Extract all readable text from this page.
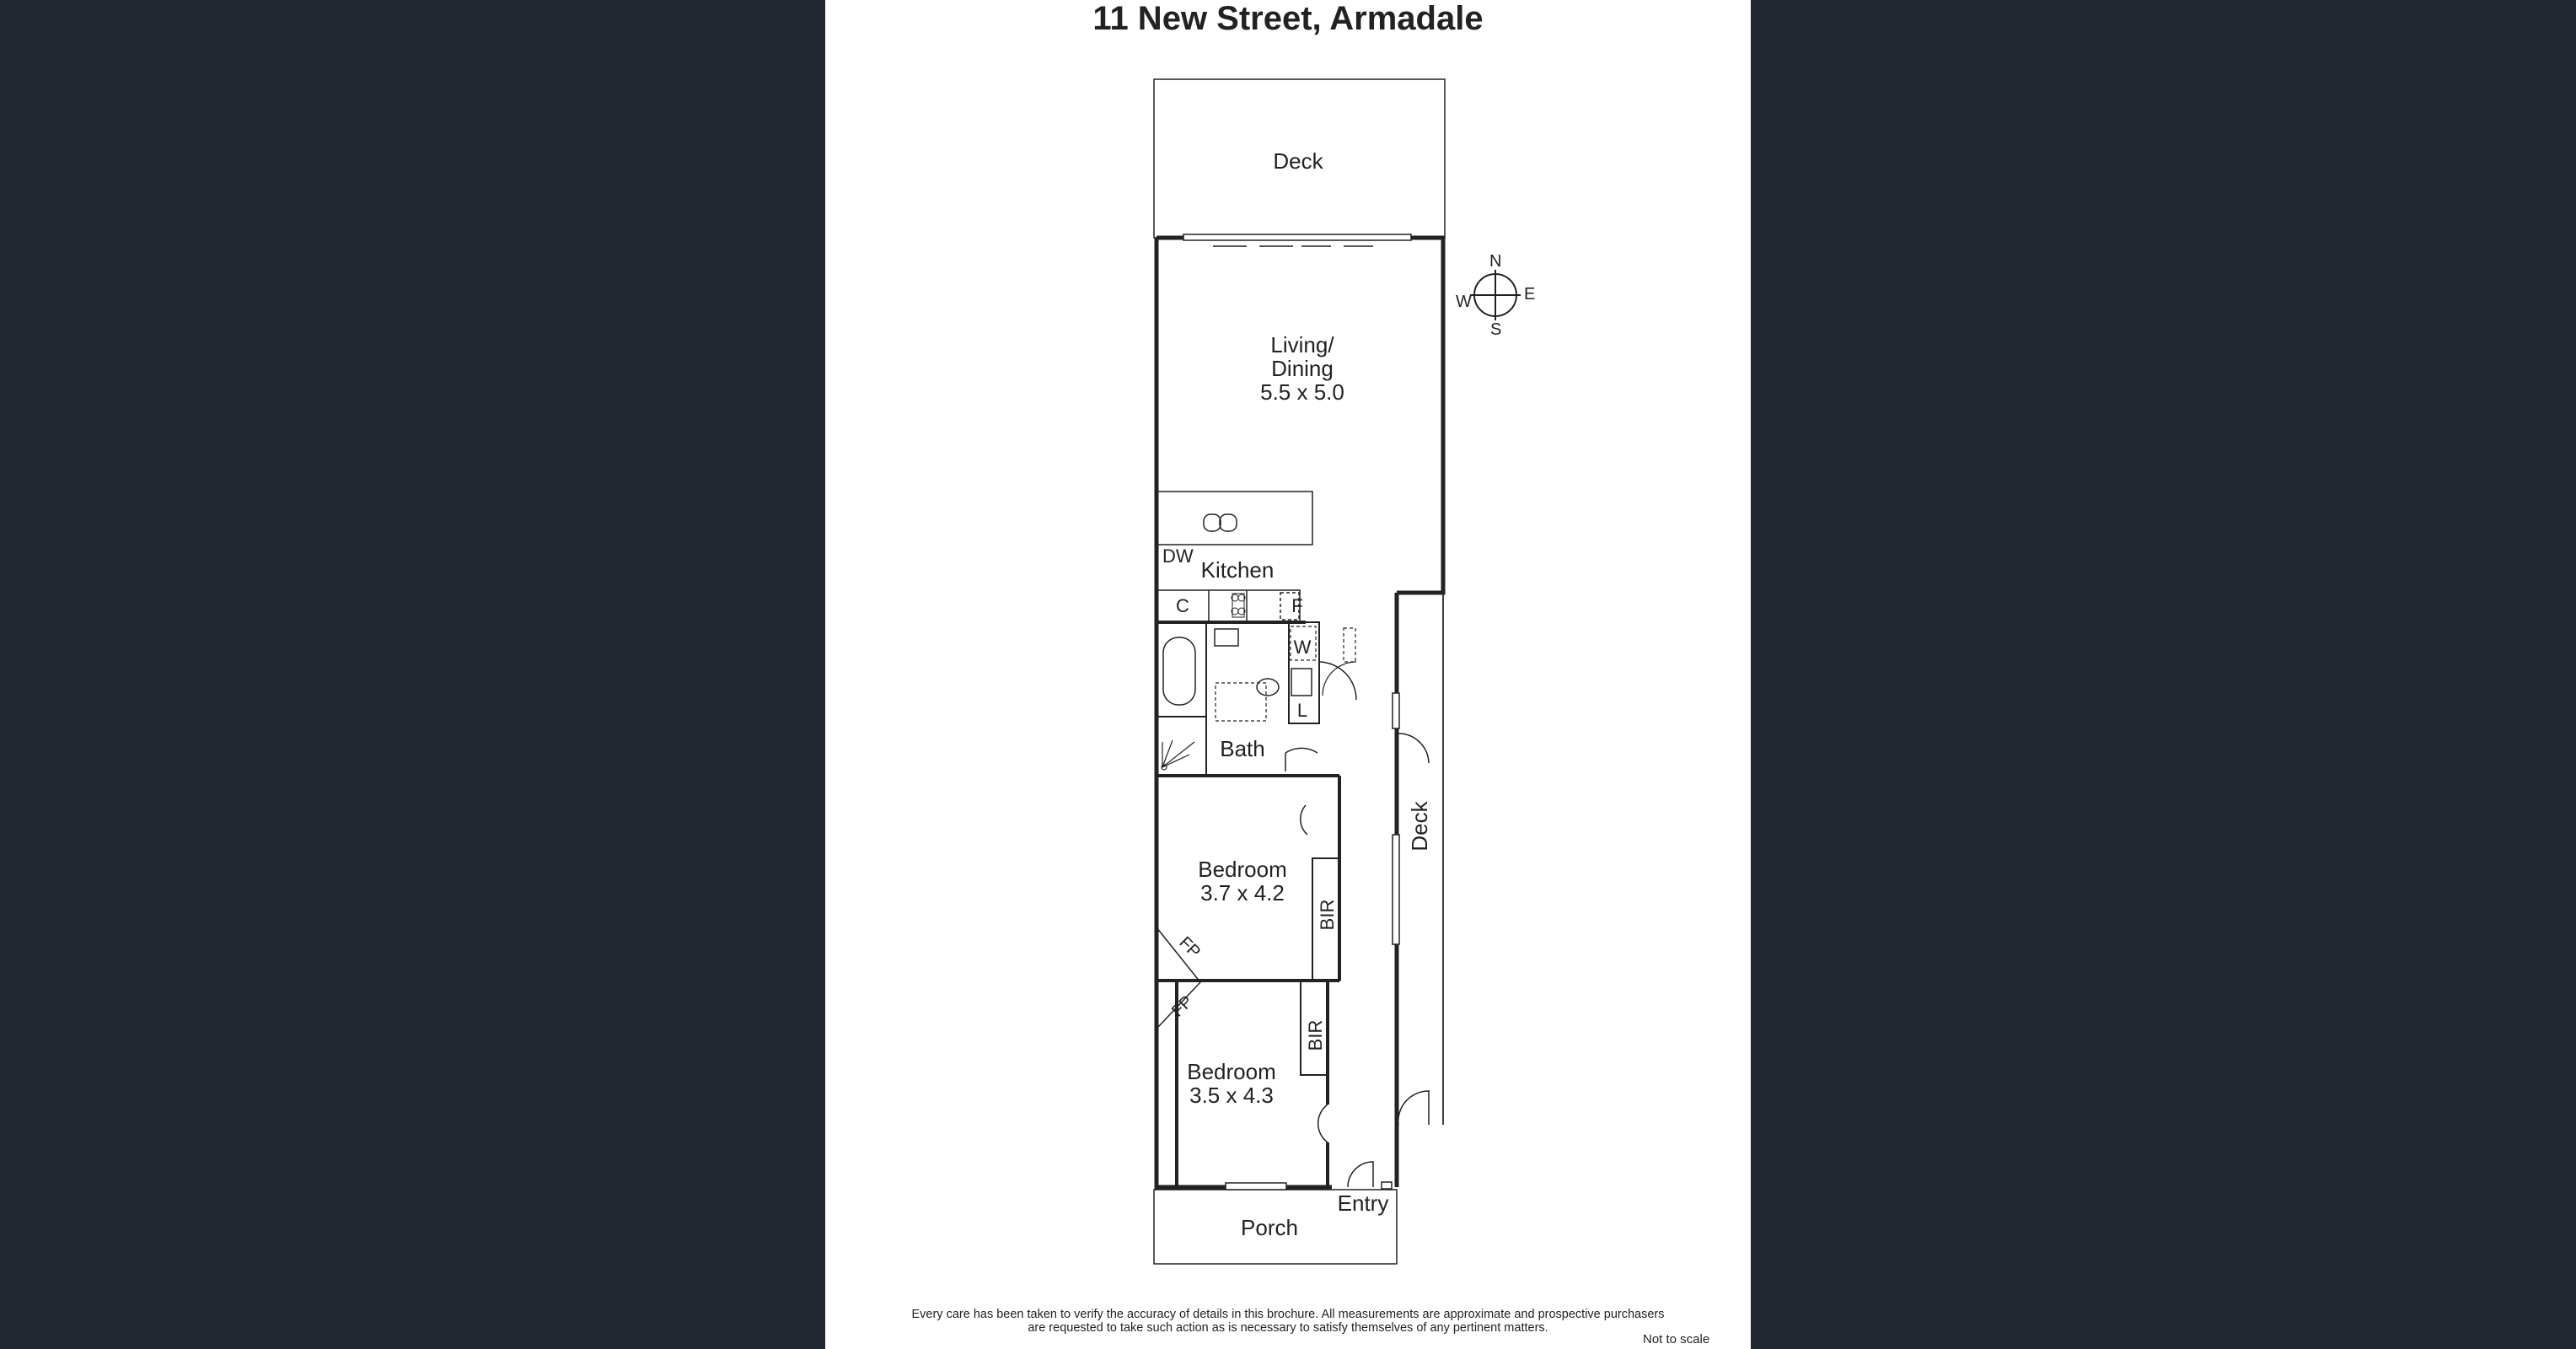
11 New Street, Armadale
N
E
S
W
Deck
Living/
Dining
5.5 x 5.0
DW
Kitchen
C	F
W
L
Bath
Bedroom
3.7 x 4.2
BIR
FP
FP
BIR
Bedroom
3.5 x 4.3
Deck
Porch
Entry
Every care has been taken to verify the accuracy of details in this brochure. All measurements are approximate and prospective purchasers
are requested to take such action as is necessary to satisfy themselves of any pertinent matters.
Not to scale
